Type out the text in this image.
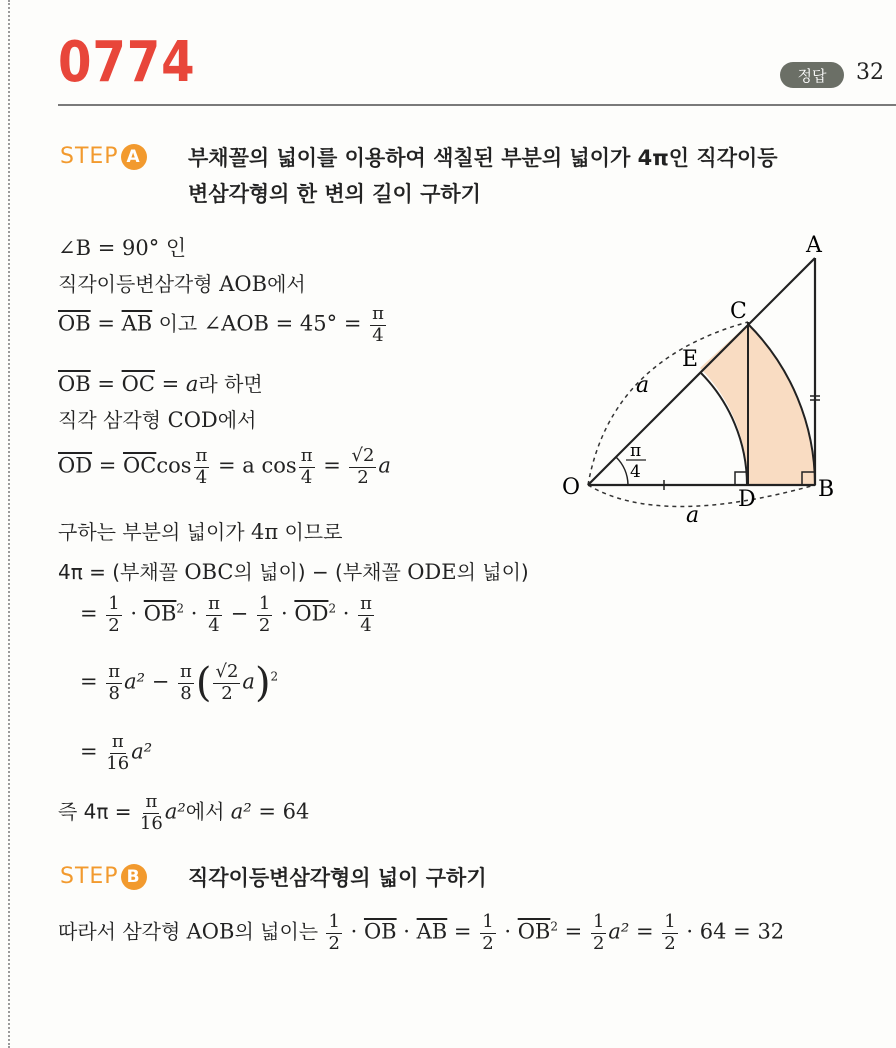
0774	정답	32
STEP A 부채꼴의 넓이를 이용하여 색칠된 부분의 넓이가 4π인 직각이등
변삼각형의 한 변의 길이 구하기
∠B = 90° 인
직각이등변삼각형 AOB에서
$\overline{OB} = \overline{AB}$ 이고 ∠AOB = $45^\circ = \frac{\pi}{4}$
$\overline{OB} = \overline{OC} = a$라 하면
직각 삼각형 COD에서
$\overline{OD} = \overline{OC}\cos \frac{\pi}{4} = a$ $\cos \frac{\pi}{4} = \frac{√2}{2}$ a
구하는 부분의 넓이가 4π 이므로
4π = (부채꼴 OBC의 넓이) − (부채꼴 ODE의 넓이)
= $\frac{1}{2} \cdot \overline{OB}^2 \cdot \frac{\pi}{4} - \frac{1}{2} \cdot \overline{OD}^2 \cdot \frac{\pi}{4}$
= $\frac{\pi}{8} a^2 - \frac{\pi}{8}$ ( $\frac{√2}{2} a)^2$
= $\frac{\pi}{16} a^2$
즉 $4\pi = \frac{\pi}{16} a^2$에서 a² = 64
STEP B 직각이등변삼각형의 넓이 구하기
따라서 삼각형 AOB의 넓이는 $\frac{1}{2} \cdot \overline{OB} \cdot \overline{AB} = \frac{1}{2} \cdot \overline{OB}^2 = \frac{1}{2} a^2 = \frac{1}{2} \cdot 64 = 32$
A
C
E
O	B
D
a
a
π
4
